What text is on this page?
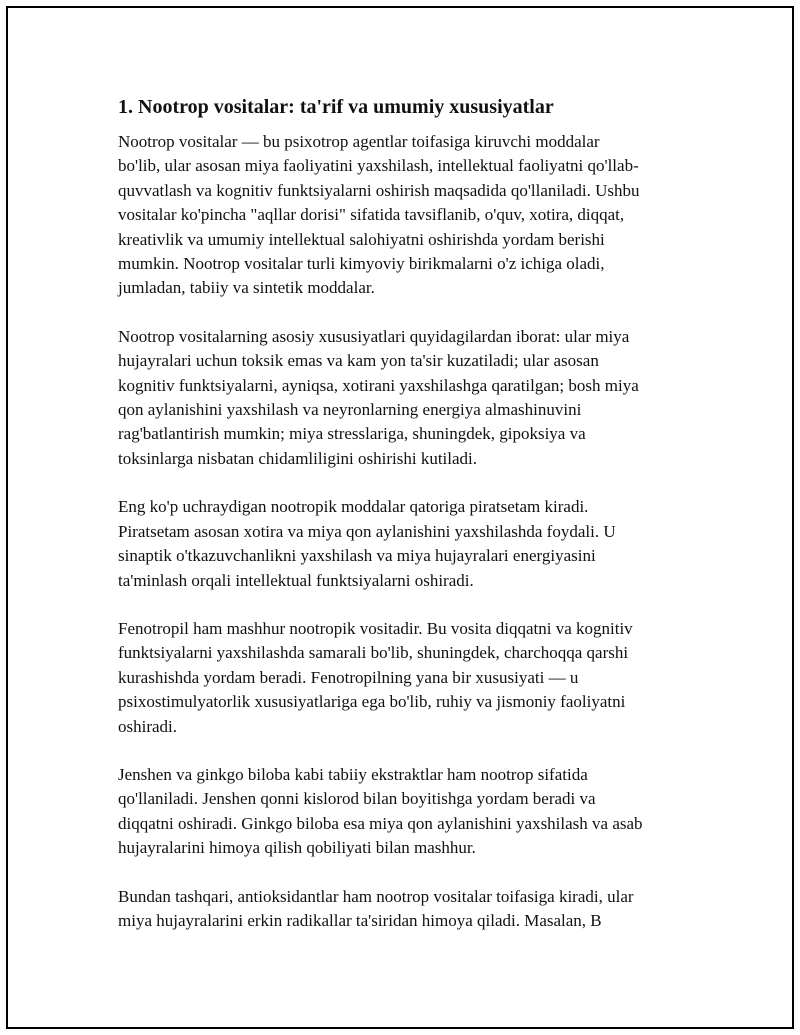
1. Nootrop vositalar: ta'rif va umumiy xususiyatlar

Nootrop vositalar — bu psixotrop agentlar toifasiga kiruvchi moddalar
bo'lib, ular asosan miya faoliyatini yaxshilash, intellektual faoliyatni qo'llab-
quvvatlash va kognitiv funktsiyalarni oshirish maqsadida qo'llaniladi. Ushbu
vositalar ko'pincha "aqllar dorisi" sifatida tavsiflanib, o'quv, xotira, diqqat,
kreativlik va umumiy intellektual salohiyatni oshirishda yordam berishi
mumkin. Nootrop vositalar turli kimyoviy birikmalarni o'z ichiga oladi,
jumladan, tabiiy va sintetik moddalar.

Nootrop vositalarning asosiy xususiyatlari quyidagilardan iborat: ular miya
hujayralari uchun toksik emas va kam yon ta'sir kuzatiladi; ular asosan
kognitiv funktsiyalarni, ayniqsa, xotirani yaxshilashga qaratilgan; bosh miya
qon aylanishini yaxshilash va neyronlarning energiya almashinuvini
rag'batlantirish mumkin; miya stresslariga, shuningdek, gipoksiya va
toksinlarga nisbatan chidamliligini oshirishi kutiladi.

Eng ko'p uchraydigan nootropik moddalar qatoriga piratsetam kiradi.
Piratsetam asosan xotira va miya qon aylanishini yaxshilashda foydali. U
sinaptik o'tkazuvchanlikni yaxshilash va miya hujayralari energiyasini
ta'minlash orqali intellektual funktsiyalarni oshiradi.

Fenotropil ham mashhur nootropik vositadir. Bu vosita diqqatni va kognitiv
funktsiyalarni yaxshilashda samarali bo'lib, shuningdek, charchoqqa qarshi
kurashishda yordam beradi. Fenotropilning yana bir xususiyati — u
psixostimulyatorlik xususiyatlariga ega bo'lib, ruhiy va jismoniy faoliyatni
oshiradi.

Jenshen va ginkgo biloba kabi tabiiy ekstraktlar ham nootrop sifatida
qo'llaniladi. Jenshen qonni kislorod bilan boyitishga yordam beradi va
diqqatni oshiradi. Ginkgo biloba esa miya qon aylanishini yaxshilash va asab
hujayralarini himoya qilish qobiliyati bilan mashhur.

Bundan tashqari, antioksidantlar ham nootrop vositalar toifasiga kiradi, ular
miya hujayralarini erkin radikallar ta'siridan himoya qiladi. Masalan, B
